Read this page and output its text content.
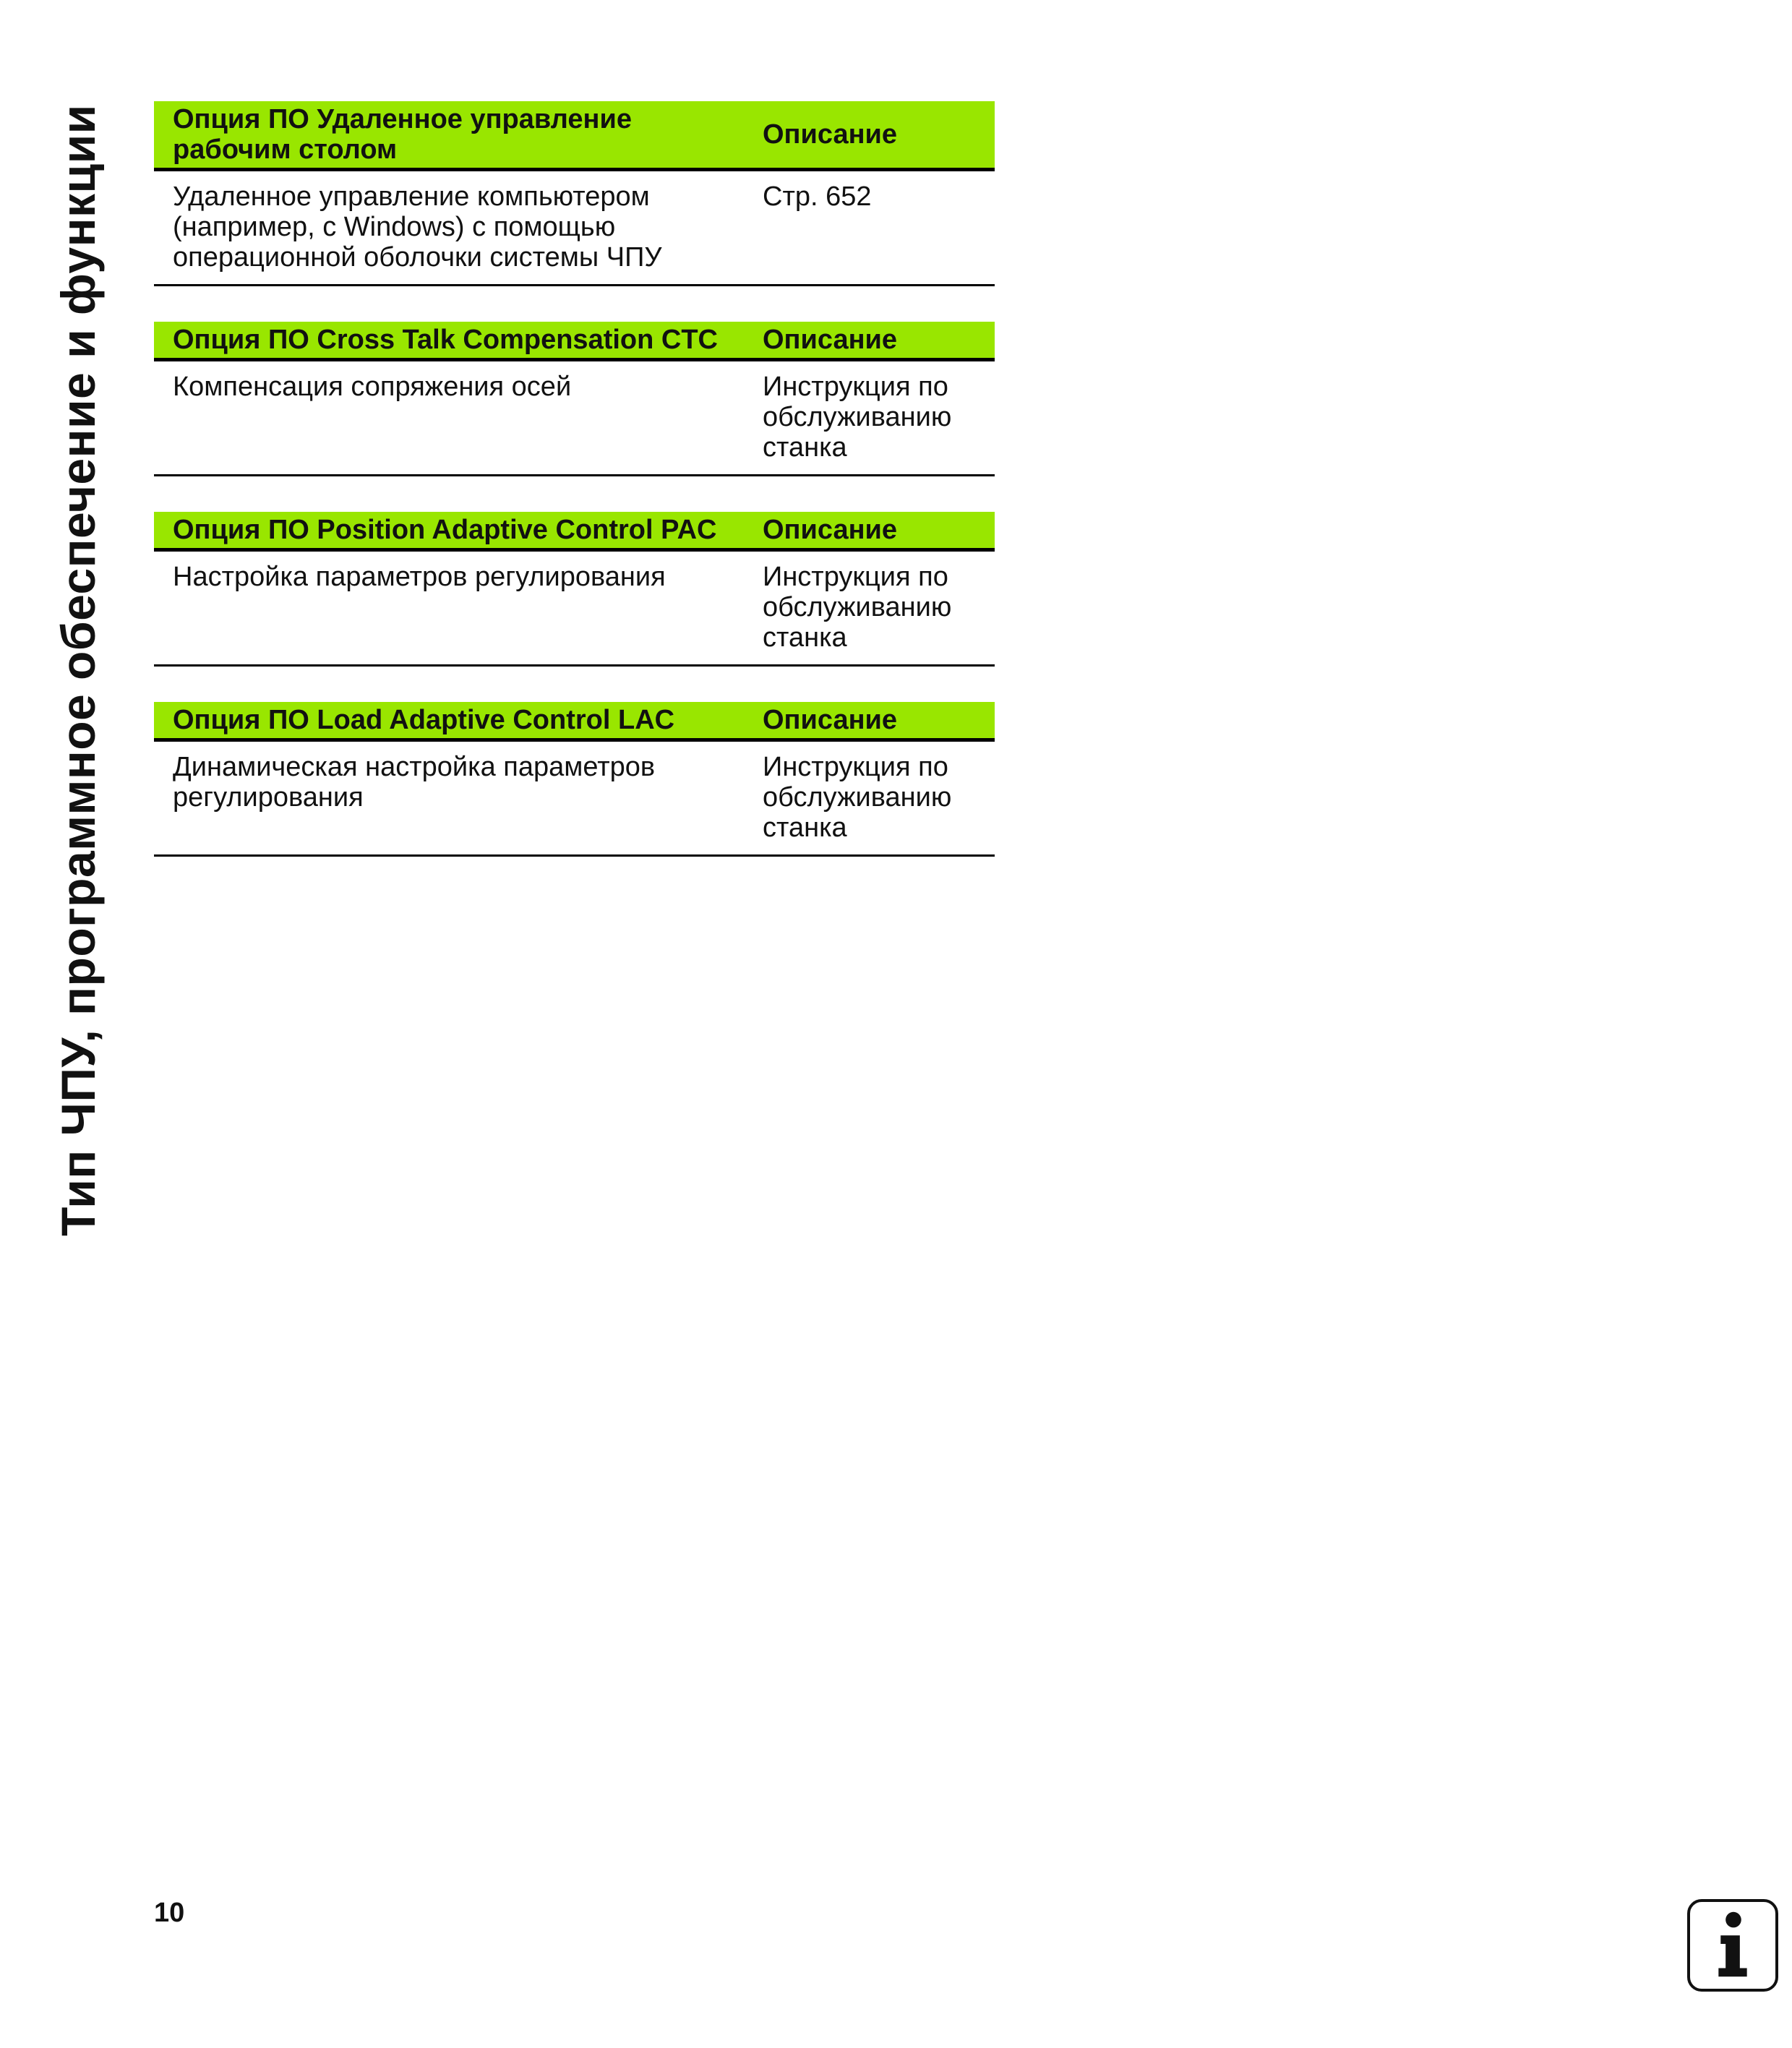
Тип ЧПУ, программное обеспечение и функции Опция ПО Удаленное управление
рабочим столом	Описание
Удаленное управление компьютером
(например, с Windows) с помощью
операционной оболочки системы ЧПУ	Стр. 652
Опция ПО Cross Talk Compensation CTC	Описание
Компенсация сопряжения осей	Инструкция по
обслуживанию
станка
Опция ПО Position Adaptive Control PAC	Описание
Настройка параметров регулирования	Инструкция по
обслуживанию
станка
Опция ПО Load Adaptive Control LAC	Описание
Динамическая настройка параметров
регулирования	Инструкция по
обслуживанию
станка
10
